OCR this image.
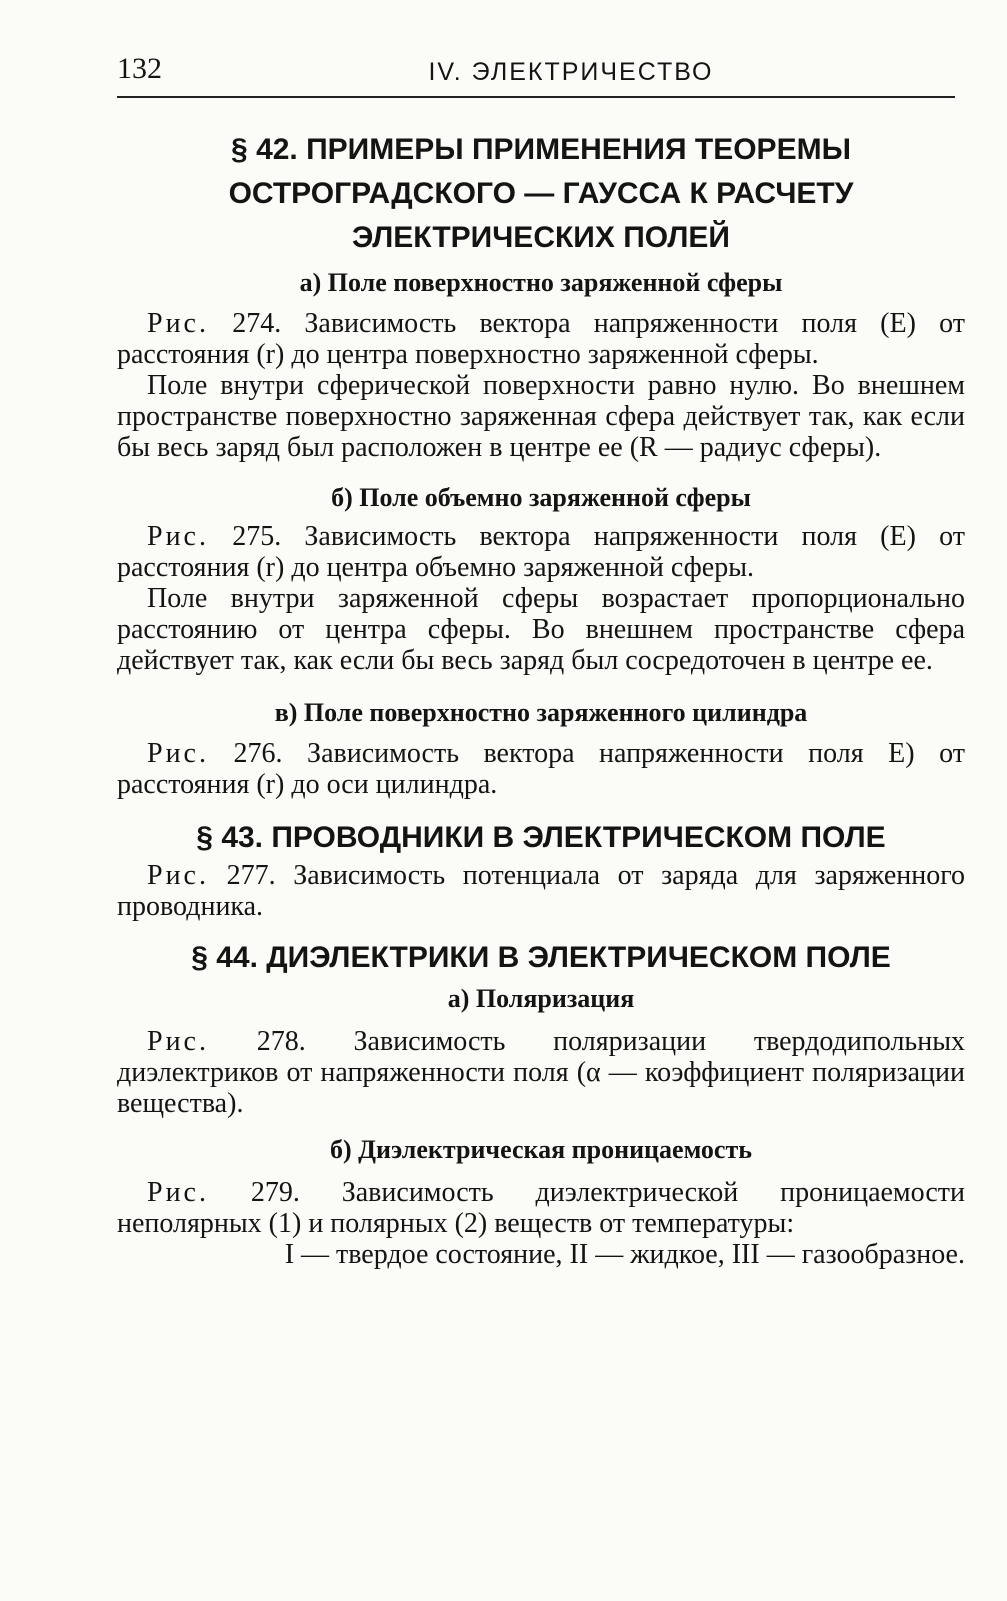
132	IV. ЭЛЕКТРИЧЕСТВО
§ 42. ПРИМЕРЫ ПРИМЕНЕНИЯ ТЕОРЕМЫ
ОСТРОГРАДСКОГО — ГАУССА К РАСЧЕТУ
ЭЛЕКТРИЧЕСКИХ ПОЛЕЙ
а) Поле поверхностно заряженной сферы

Рис. 274. Зависимость вектора напряженности поля (E) от расстояния (r) до центра поверхностно заряженной сферы.

Поле внутри сферической поверхности равно нулю. Во внешнем пространстве поверхностно заряженная сфера действует так, как если бы весь заряд был расположен в центре ее (R — радиус сферы).

б) Поле объемно заряженной сферы

Рис. 275. Зависимость вектора напряженности поля (E) от расстояния (r) до центра объемно заряженной сферы.

Поле внутри заряженной сферы возрастает пропорционально расстоянию от центра сферы. Во внешнем пространстве сфера действует так, как если бы весь заряд был сосредоточен в центре ее.

в) Поле поверхностно заряженного цилиндра

Рис. 276. Зависимость вектора напряженности поля E) от расстояния (r) до оси цилиндра.

§ 43. ПРОВОДНИКИ В ЭЛЕКТРИЧЕСКОМ ПОЛЕ

Рис. 277. Зависимость потенциала от заряда для заряженного проводника.

§ 44. ДИЭЛЕКТРИКИ В ЭЛЕКТРИЧЕСКОМ ПОЛЕ
а) Поляризация

Рис. 278. Зависимость поляризации твердодипольных диэлектриков от напряженности поля (α — коэффициент поляризации вещества).

б) Диэлектрическая проницаемость

Рис. 279. Зависимость диэлектрической проницаемости неполярных (1) и полярных (2) веществ от температуры:

I — твердое состояние, II — жидкое, III — газообразное.
